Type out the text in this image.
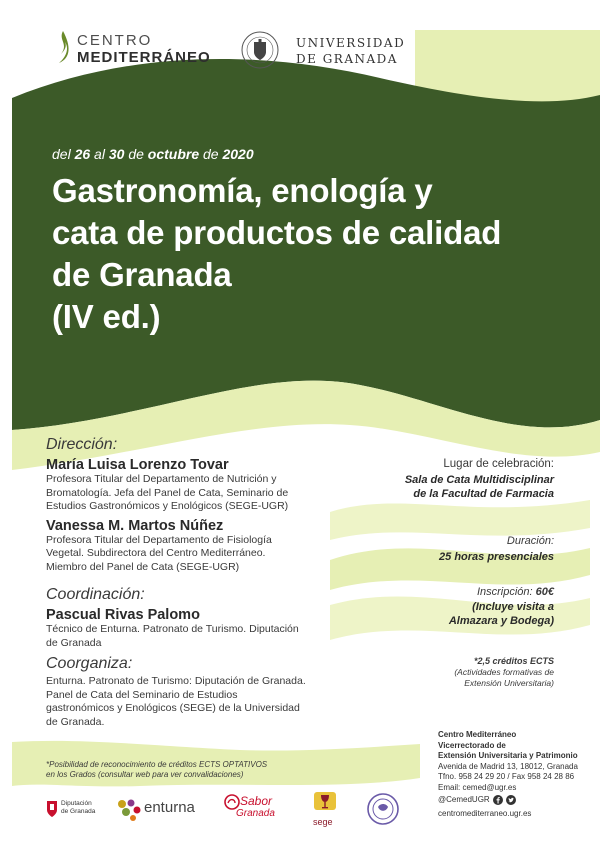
CENTRO
MEDITERRÁNEO
UNIVERSIDAD
DE GRANADA
del 26 al 30 de octubre de 2020
Gastronomía, enología y
cata de productos de calidad
de Granada
(IV ed.)
Dirección:
María Luisa Lorenzo Tovar
Profesora Titular del Departamento de Nutrición y
Bromatología. Jefa del Panel de Cata, Seminario de
Estudios Gastronómicos y Enológicos (SEGE-UGR)
Vanessa M. Martos Núñez
Profesora Titular del Departamento de Fisiología
Vegetal. Subdirectora del Centro Mediterráneo.
Miembro del Panel de Cata (SEGE-UGR)
Coordinación:
Pascual Rivas Palomo
Técnico de Enturna. Patronato de Turismo. Diputación
de Granada
Coorganiza:
Enturna. Patronato de Turismo: Diputación de Granada.
Panel de Cata del Seminario de Estudios
gastronómicos y Enológicos (SEGE) de la Universidad
de Granada.
Lugar de celebración:
Sala de Cata Multidisciplinar
de la Facultad de Farmacia
Duración:
25 horas presenciales
Inscripción: 60€
(Incluye visita a
Almazara y Bodega)
*2,5 créditos ECTS
(Actividades formativas de
Extensión Universitaria)
Centro Mediterráneo
Vicerrectorado de
Extensión Universitaria y Patrimonio
Avenida de Madrid 13, 18012, Granada
Tfno. 958 24 29 20 / Fax 958 24 28 86
Email: cemed@ugr.es
@CemedUGR
centromediterraneo.ugr.es
*Posibilidad de reconocimiento de créditos ECTS OPTATIVOS
en los Grados (consultar web para ver convalidaciones)
Diputación
de Granada	enturna	Sabor
Granada
sege
